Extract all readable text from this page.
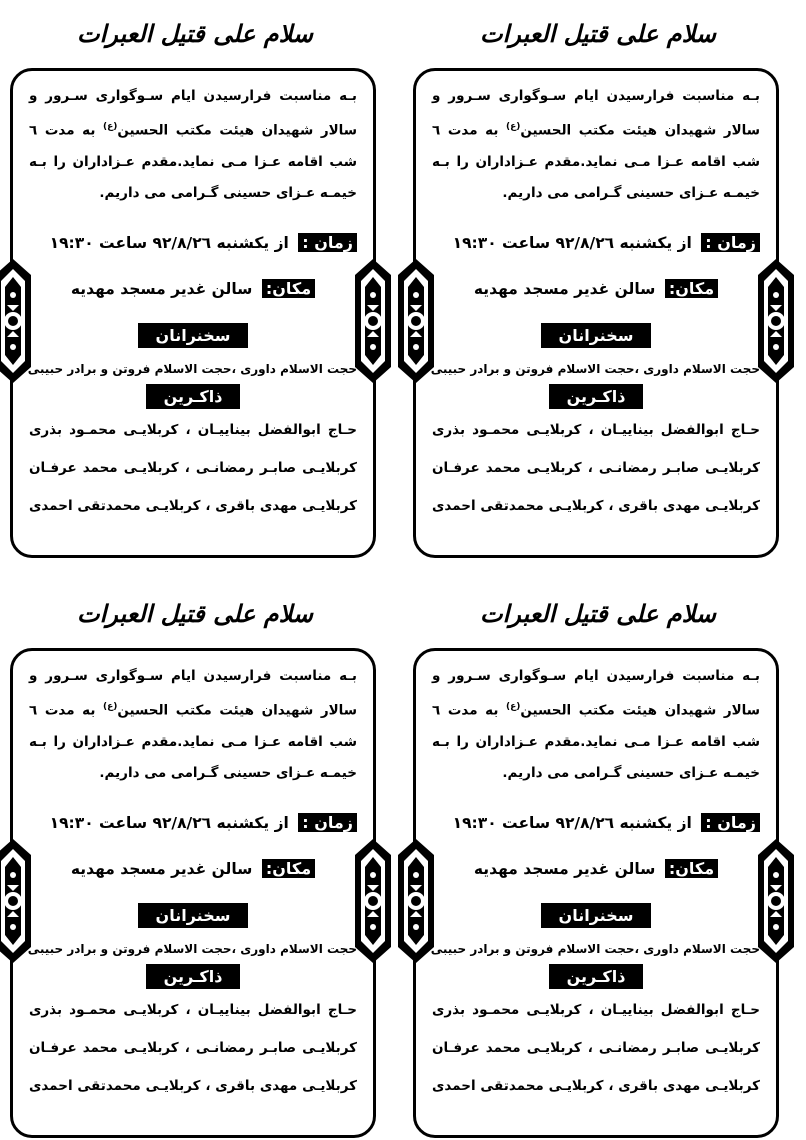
سلام علی قتیل العبرات

بـه مناسبت فرارسیدن ایام سـوگواری سـرور و سالار شهیدان هیئت مکتب الحسین$^{(ع)}$ به مدت ٦ شب اقامه عـزا مـی نماید.مقدم عـزاداران را بـه خیمـه عـزای حسینی گـرامی می داریم.

زمان : از یکشنبه ٩٢/٨/٢٦ ساعت ١٩:٣٠
مکان: سالن غدیر مسجد مهدیه
سخنرانان
حجت الاسلام داوری ،حجت الاسلام فروتن و برادر حبیبی
ذاکـرین
حـاج ابوالفضل بیناییـان ، کربلایـی محمـود بذری
کربلایـی صابـر رمضانـی ، کربلایـی محمد عرفـان
کربلایـی مهدی باقری ، کربلایـی محمدتقی احمدی
سلام علی قتیل العبرات

بـه مناسبت فرارسیدن ایام سـوگواری سـرور و سالار شهیدان هیئت مکتب الحسین$^{(ع)}$ به مدت ٦ شب اقامه عـزا مـی نماید.مقدم عـزاداران را بـه خیمـه عـزای حسینی گـرامی می داریم.

زمان : از یکشنبه ٩٢/٨/٢٦ ساعت ١٩:٣٠
مکان: سالن غدیر مسجد مهدیه
سخنرانان
حجت الاسلام داوری ،حجت الاسلام فروتن و برادر حبیبی
ذاکـرین
حـاج ابوالفضل بیناییـان ، کربلایـی محمـود بذری
کربلایـی صابـر رمضانـی ، کربلایـی محمد عرفـان
کربلایـی مهدی باقری ، کربلایـی محمدتقی احمدی
سلام علی قتیل العبرات

بـه مناسبت فرارسیدن ایام سـوگواری سـرور و سالار شهیدان هیئت مکتب الحسین$^{(ع)}$ به مدت ٦ شب اقامه عـزا مـی نماید.مقدم عـزاداران را بـه خیمـه عـزای حسینی گـرامی می داریم.

زمان : از یکشنبه ٩٢/٨/٢٦ ساعت ١٩:٣٠
مکان: سالن غدیر مسجد مهدیه
سخنرانان
حجت الاسلام داوری ،حجت الاسلام فروتن و برادر حبیبی
ذاکـرین
حـاج ابوالفضل بیناییـان ، کربلایـی محمـود بذری
کربلایـی صابـر رمضانـی ، کربلایـی محمد عرفـان
کربلایـی مهدی باقری ، کربلایـی محمدتقی احمدی
سلام علی قتیل العبرات

بـه مناسبت فرارسیدن ایام سـوگواری سـرور و سالار شهیدان هیئت مکتب الحسین$^{(ع)}$ به مدت ٦ شب اقامه عـزا مـی نماید.مقدم عـزاداران را بـه خیمـه عـزای حسینی گـرامی می داریم.

زمان : از یکشنبه ٩٢/٨/٢٦ ساعت ١٩:٣٠
مکان: سالن غدیر مسجد مهدیه
سخنرانان
حجت الاسلام داوری ،حجت الاسلام فروتن و برادر حبیبی
ذاکـرین
حـاج ابوالفضل بیناییـان ، کربلایـی محمـود بذری
کربلایـی صابـر رمضانـی ، کربلایـی محمد عرفـان
کربلایـی مهدی باقری ، کربلایـی محمدتقی احمدی
